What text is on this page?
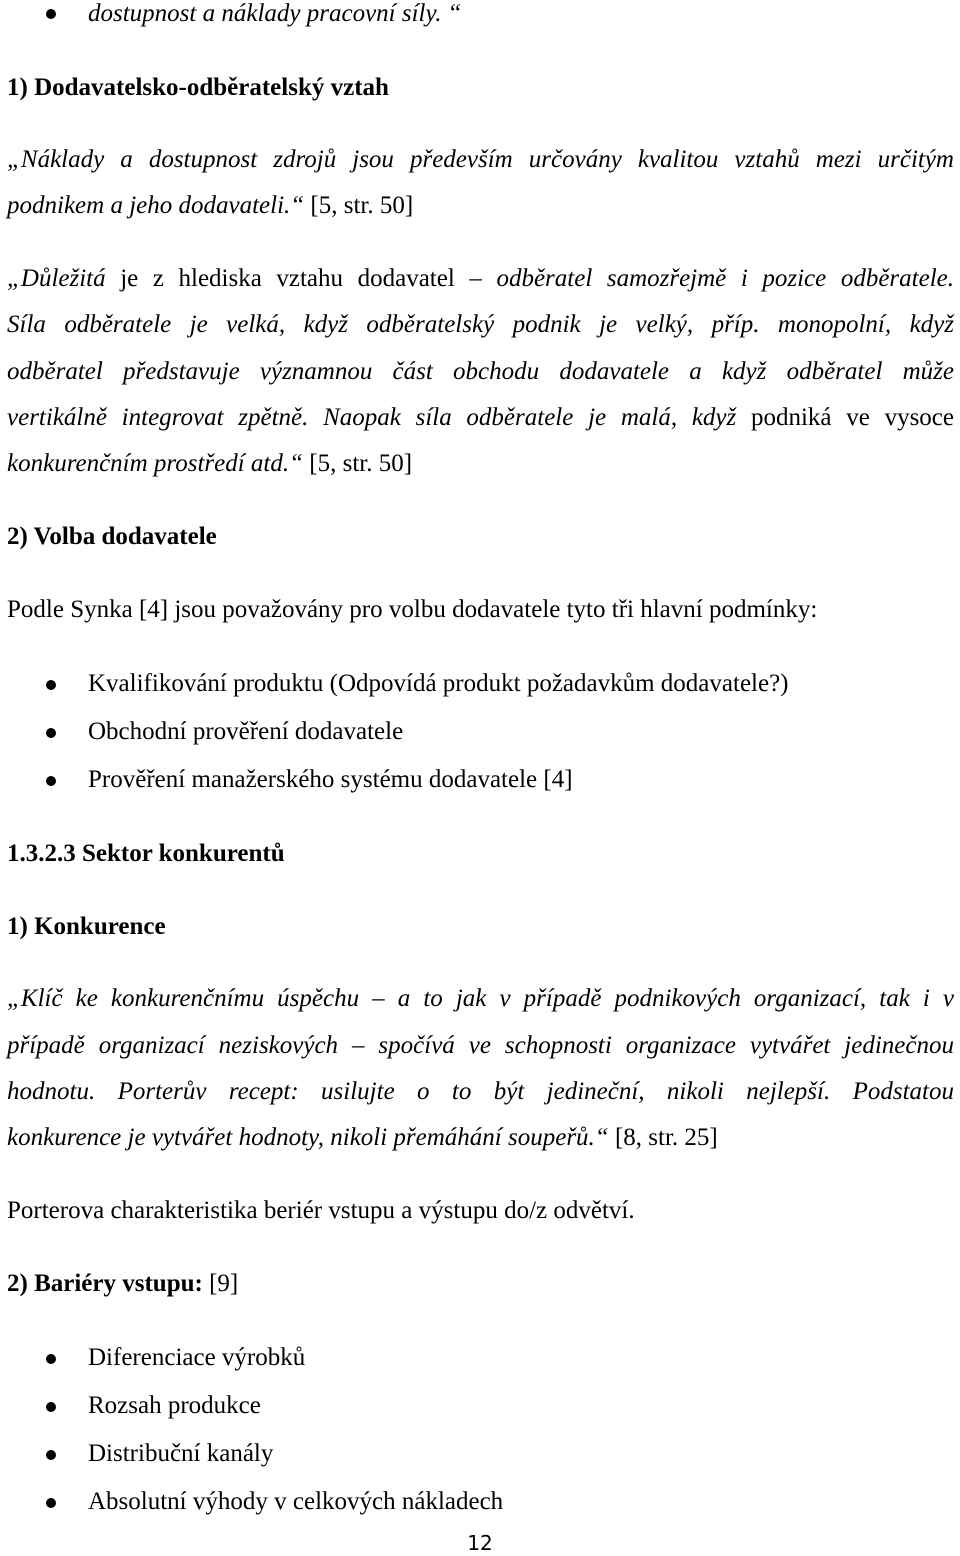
dostupnost a náklady pracovní síly. “

1) Dodavatelsko-odběratelský vztah

„Náklady a dostupnost zdrojů jsou především určovány kvalitou vztahů mezi určitým

podnikem a jeho dodavateli.“ [5, str. 50]

„Důležitá je z hlediska vztahu dodavatel – odběratel samozřejmě i pozice odběratele.

Síla odběratele je velká, když odběratelský podnik je velký, příp. monopolní, když

odběratel představuje významnou část obchodu dodavatele a když odběratel může

vertikálně integrovat zpětně. Naopak síla odběratele je malá, když podniká ve vysoce

konkurenčním prostředí atd.“ [5, str. 50]

2) Volba dodavatele

Podle Synka [4] jsou považovány pro volbu dodavatele tyto tři hlavní podmínky:

Kvalifikování produktu (Odpovídá produkt požadavkům dodavatele?)

Obchodní prověření dodavatele

Prověření manažerského systému dodavatele [4]

1.3.2.3 Sektor konkurentů

1) Konkurence

„Klíč ke konkurenčnímu úspěchu – a to jak v případě podnikových organizací, tak i v

případě organizací neziskových – spočívá ve schopnosti organizace vytvářet jedinečnou

hodnotu. Porterův recept: usilujte o to být jedineční, nikoli nejlepší. Podstatou

konkurence je vytvářet hodnoty, nikoli přemáhání soupeřů.“ [8, str. 25]

Porterova charakteristika beriér vstupu a výstupu do/z odvětví.

2) Bariéry vstupu: [9]

Diferenciace výrobků

Rozsah produkce

Distribuční kanály

Absolutní výhody v celkových nákladech

12
